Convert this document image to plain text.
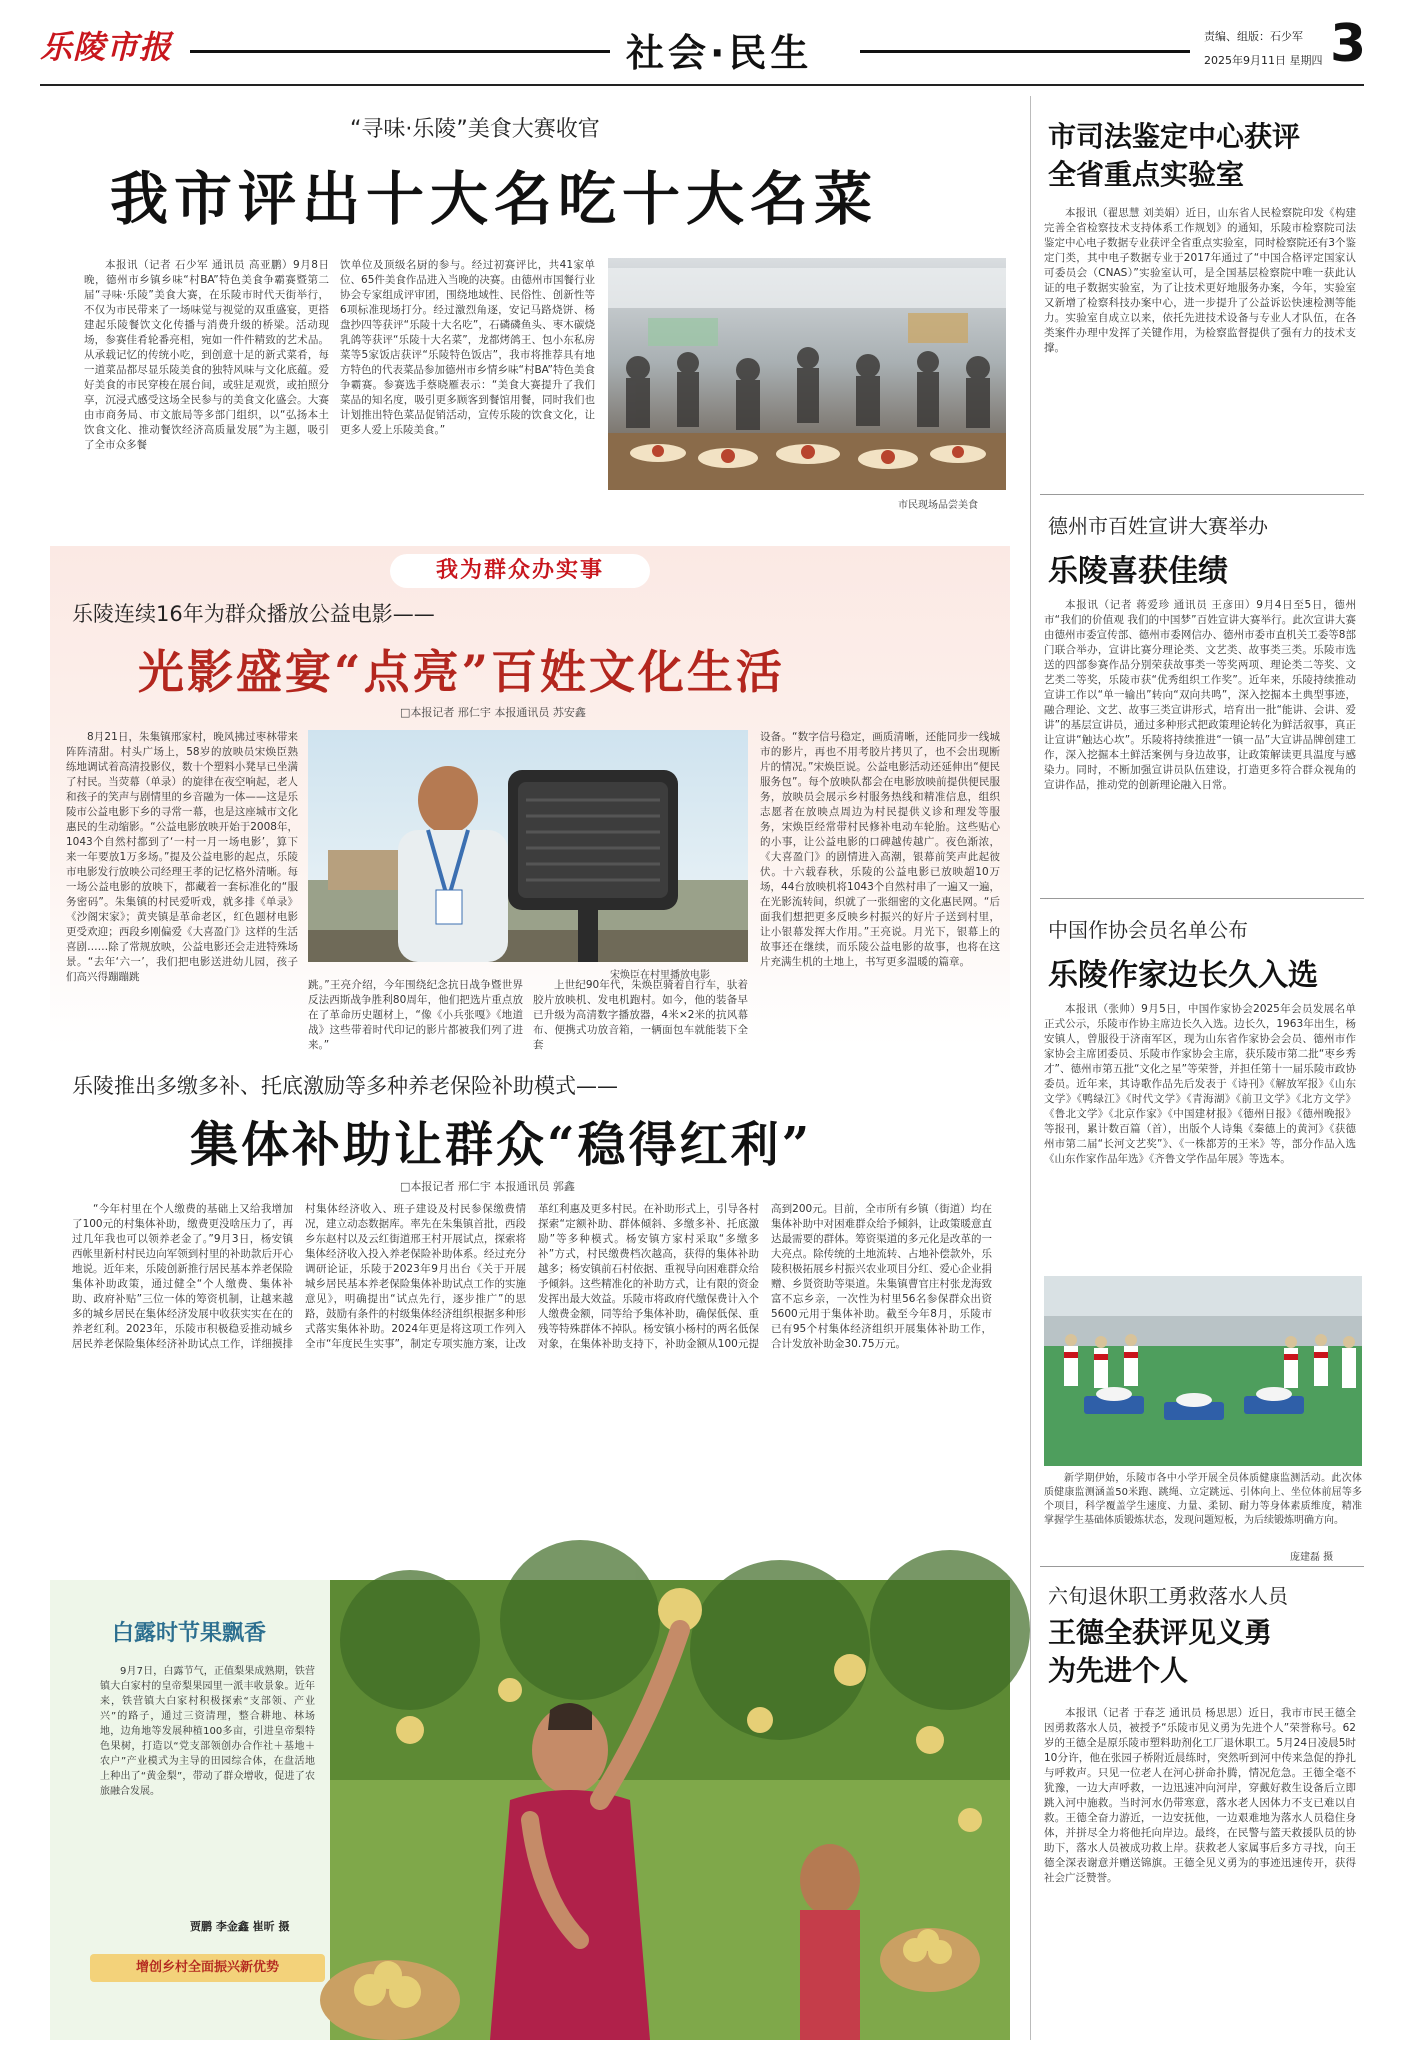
乐陵市报	社会·民生	责编、组版：石少军
2025年9月11日 星期四 3
“寻味·乐陵”美食大赛收官
我市评出十大名吃十大名菜
本报讯（记者 石少军 通讯员 高亚鹏）9月8日晚，德州市乡镇乡味“村BA”特色美食争霸赛暨第二届“寻味·乐陵”美食大赛，在乐陵市时代天街举行，不仅为市民带来了一场味觉与视觉的双重盛宴，更搭建起乐陵餐饮文化传播与消费升级的桥梁。活动现场，参赛佳肴轮番亮相，宛如一件件精致的艺术品。从承载记忆的传统小吃，到创意十足的新式菜肴，每一道菜品都尽显乐陵美食的独特风味与文化底蕴。爱好美食的市民穿梭在展台间，或驻足观赏，或拍照分享，沉浸式感受这场全民参与的美食文化盛会。大赛由市商务局、市文旅局等多部门组织，以“弘扬本土饮食文化、推动餐饮经济高质量发展”为主题，吸引了全市众多餐
饮单位及顶级名厨的参与。经过初赛评比，共41家单位、65件美食作品进入当晚的决赛。由德州市国餐行业协会专家组成评审团，围绕地域性、民俗性、创新性等6项标准现场打分。经过激烈角逐，安记马路烧饼、杨盘抄四等获评“乐陵十大名吃”，石磷磷鱼头、枣木碳烧乳鸽等获评“乐陵十大名菜”，龙都烤鸽王、包小东私房菜等5家饭店获评“乐陵特色饭店”，我市将推荐具有地方特色的代表菜品参加德州市乡情乡味“村BA”特色美食争霸赛。参赛选手蔡晓雁表示：“美食大赛提升了我们菜品的知名度，吸引更多顾客到餐馆用餐，同时我们也计划推出特色菜品促销活动，宣传乐陵的饮食文化，让更多人爱上乐陵美食。”
市民现场品尝美食
我为群众办实事
乐陵连续16年为群众播放公益电影——
光影盛宴“点亮”百姓文化生活
□本报记者 邢仁宇 本报通讯员 苏安鑫
8月21日，朱集镇邢家村，晚风拂过枣林带来阵阵清甜。村头广场上，58岁的放映员宋焕臣熟练地调试着高清投影仪，数十个塑料小凳早已坐满了村民。当荧幕（单录）的旋律在夜空响起，老人和孩子的笑声与剧情里的乡音融为一体——这是乐陵市公益电影下乡的寻常一幕，也是这座城市文化惠民的生动缩影。“公益电影放映开始于2008年，1043个自然村都到了‘一村一月一场电影’，算下来一年要放1万多场。”提及公益电影的起点，乐陵市电影发行放映公司经理王孝的记忆格外清晰。每一场公益电影的放映下，都藏着一套标准化的“服务密码”。朱集镇的村民爱听戏，就多排《单录》《沙阁宋家》；黄夹镇是革命老区，红色题材电影更受欢迎；西段乡刚偏爱《大喜盈门》这样的生活喜剧……除了常规放映，公益电影还会走进特殊场景。“去年‘六一’，我们把电影送进幼儿园，孩子们高兴得蹦蹦跳	宋焕臣在村里播放电影
跳。”王亮介绍，今年围绕纪念抗日战争暨世界反法西斯战争胜利80周年，他们把选片重点放在了革命历史题材上，“像《小兵张嘎》《地道战》这些带着时代印记的影片都被我们列了进来。”
上世纪90年代，朱焕臣骑着自行车，驮着胶片放映机、发电机跑村。如今，他的装备早已升级为高清数字播放器，4米×2米的抗风幕布、便携式功放音箱，一辆面包车就能装下全套
设备。“数字信号稳定，画质清晰，还能同步一线城市的影片，再也不用考胶片拷贝了，也不会出现断片的情况。”宋焕臣说。公益电影活动还延伸出“便民服务包”。每个放映队都会在电影放映前提供便民服务，放映员会展示乡村服务热线和精准信息，组织志愿者在放映点周边为村民提供义诊和理发等服务，宋焕臣经常带村民修补电动车轮胎。这些贴心的小事，让公益电影的口碑越传越广。夜色渐浓，《大喜盈门》的剧情进入高潮，银幕前笑声此起彼伏。十六载春秋，乐陵的公益电影已放映超10万场，44台放映机将1043个自然村串了一遍又一遍，在光影流转间，织就了一张细密的文化惠民网。“后面我们想把更多反映乡村振兴的好片子送到村里，让小银幕发挥大作用。”王亮说。月光下，银幕上的故事还在继续，而乐陵公益电影的故事，也将在这片充满生机的土地上，书写更多温暖的篇章。
乐陵推出多缴多补、托底激励等多种养老保险补助模式——
集体补助让群众“稳得红利”
□本报记者 邢仁宇 本报通讯员 郭鑫
“今年村里在个人缴费的基础上又给我增加了100元的村集体补助，缴费更没啥压力了，再过几年我也可以领养老金了。”9月3日，杨安镇西帐里新村村民边向军领到村里的补助款后开心地说。近年来，乐陵创新推行居民基本养老保险集体补助政策，通过健全“个人缴费、集体补助、政府补贴”三位一体的筹资机制，让越来越多的城乡居民在集体经济发展中收获实实在在的养老红利。2023年，乐陵市积极稳妥推动城乡居民养老保险集体经济补助试点工作，详细摸排村集体经济收入、班子建设及村民参保缴费情况，建立动态数据库。率先在朱集镇首批，西段乡东赵村以及云红街道邢王村开展试点，探索将集体经济收入投入养老保险补助体系。经过充分调研论证，乐陵于2023年9月出台《关于开展城乡居民基本养老保险集体补助试点工作的实施意见》，明确提出“试点先行，逐步推广”的思路，鼓励有条件的村级集体经济组织根据多种形式落实集体补助。2024年更是将这项工作列入全市“年度民生实事”，制定专项实施方案，让改革红利惠及更多村民。在补助形式上，引导各村探索“定额补助、群体倾斜、多缴多补、托底激励”等多种模式。杨安镇方家村采取“多缴多补”方式，村民缴费档次越高，获得的集体补助越多；杨安镇前石村依据、重视导向困难群众给予倾斜。这些精准化的补助方式，让有限的资金发挥出最大效益。乐陵市将政府代缴保费计入个人缴费金额，同等给予集体补助，确保低保、重残等特殊群体不掉队。杨安镇小杨村的两名低保对象，在集体补助支持下，补助金额从100元提高到200元。目前，全市所有乡镇（街道）均在集体补助中对困难群众给予倾斜，让政策暖意直达最需要的群体。筹资渠道的多元化是改革的一大亮点。除传统的土地流转、占地补偿款外，乐陵积极拓展乡村振兴农业项目分红、爱心企业捐赠、乡贤资助等渠道。朱集镇曹官庄村张龙海致富不忘乡亲，一次性为村里56名参保群众出资5600元用于集体补助。截至今年8月，乐陵市已有95个村集体经济组织开展集体补助工作，合计发放补助金30.75万元。
白露时节果飘香
9月7日，白露节气，正值梨果成熟期，铁营镇大白家村的皇帝梨果园里一派丰收景象。近年来，铁营镇大白家村积极探索“支部领、产业兴”的路子，通过三资清理，整合耕地、林场地，边角地等发展种植100多亩，引进皇帝梨特色果树，打造以“党支部领创办合作社＋基地＋农户”产业模式为主导的田园综合体，在盘活地上种出了“黄金梨”，带动了群众增收，促进了农旅融合发展。
贾鹏 李金鑫 崔昕 摄
增创乡村全面振兴新优势
市司法鉴定中心获评全省重点实验室
本报讯（翟思慧 刘美娟）近日，山东省人民检察院印发《构建完善全省检察技术支持体系工作规划》的通知，乐陵市检察院司法鉴定中心电子数据专业获评全省重点实验室，同时检察院还有3个鉴定门类，其中电子数据专业于2017年通过了“中国合格评定国家认可委员会（CNAS）”实验室认可，是全国基层检察院中唯一获此认证的电子数据实验室，为了让技术更好地服务办案，今年，实验室又新增了检察科技办案中心，进一步提升了公益诉讼快速检测等能力。实验室自成立以来，依托先进技术设备与专业人才队伍，在各类案件办理中发挥了关键作用，为检察监督提供了强有力的技术支撑。
德州市百姓宣讲大赛举办
乐陵喜获佳绩
本报讯（记者 蒋爱珍 通讯员 王彦田）9月4日至5日，德州市“我们的价值观 我们的中国梦”百姓宣讲大赛举行。此次宣讲大赛由德州市委宣传部、德州市委网信办、德州市委市直机关工委等8部门联合举办，宣讲比赛分理论类、文艺类、故事类三类。乐陵市选送的四部参赛作品分别荣获故事类一等奖两项、理论类二等奖、文艺类二等奖，乐陵市获“优秀组织工作奖”。近年来，乐陵持续推动宣讲工作以“单一输出”转向“双向共鸣”，深入挖掘本土典型事迹，融合理论、文艺、故事三类宣讲形式，培育出一批“能讲、会讲、爱讲”的基层宣讲员，通过多种形式把政策理论转化为鲜活叙事，真正让宣讲“触达心坎”。乐陵将持续推进“一镇一品”大宣讲品牌创建工作，深入挖掘本土鲜活案例与身边故事，让政策解读更具温度与感染力。同时，不断加强宣讲员队伍建设，打造更多符合群众视角的宣讲作品，推动党的创新理论融入日常。
中国作协会员名单公布
乐陵作家边长久入选
本报讯（张帅）9月5日，中国作家协会2025年会员发展名单正式公示，乐陵市作协主席边长久入选。边长久，1963年出生，杨安镇人，曾服役于济南军区，现为山东省作家协会会员、德州市作家协会主席团委员、乐陵市作家协会主席，获乐陵市第二批“枣乡秀才”、德州市第五批“文化之星”等荣誉，并担任第十一届乐陵市政协委员。近年来，其诗歌作品先后发表于《诗刊》《解放军报》《山东文学》《鸭绿江》《时代文学》《青海湖》《前卫文学》《北方文学》《鲁北文学》《北京作家》《中国建材报》《德州日报》《德州晚报》等报刊，累计数百篇（首），出版个人诗集《秦德上的黄河》《获德州市第二届“长河文艺奖”》、《一株都芳的王米》等，部分作品入选《山东作家作品年选》《齐鲁文学作品年展》等选本。
新学期伊始，乐陵市各中小学开展全员体质健康监测活动。此次体质健康监测涵盖50米跑、跳绳、立定跳远、引体向上、坐位体前屈等多个项目，科学覆盖学生速度、力量、柔韧、耐力等身体素质维度，精准掌握学生基础体质锻炼状态，发现问题短板，为后续锻炼明确方向。
庞建磊 摄
六旬退休职工勇救落水人员
王德全获评见义勇为先进个人
本报讯（记者 于春芝 通讯员 杨思思）近日，我市市民王德全因勇救落水人员，被授予“乐陵市见义勇为先进个人”荣誉称号。62岁的王德全是原乐陵市塑料助剂化工厂退休职工。5月24日凌晨5时10分许，他在张园子桥附近晨练时，突然听到河中传来急促的挣扎与呼救声。只见一位老人在河心拼命扑腾，情况危急。王德全毫不犹豫，一边大声呼救，一边迅速冲向河岸，穿戴好救生设备后立即跳入河中施救。当时河水仍带寒意，落水老人因体力不支已难以自救。王德全奋力游近，一边安抚他，一边艰难地为落水人员稳住身体，并拼尽全力将他托向岸边。最终，在民警与篮天救援队员的协助下，落水人员被成功救上岸。获救老人家属事后多方寻找，向王德全深表谢意并赠送锦旗。王德全见义勇为的事迹迅速传开，获得社会广泛赞誉。
